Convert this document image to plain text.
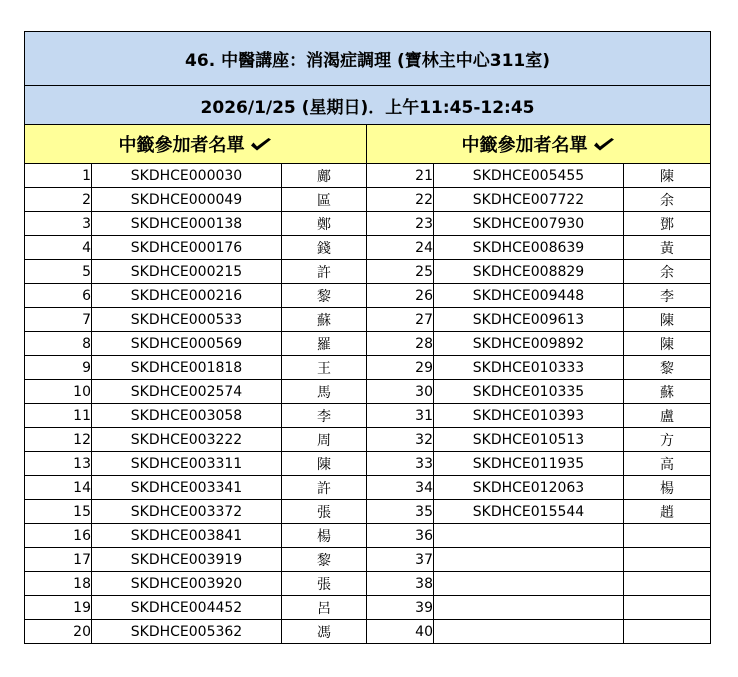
46. 中醫講座：消渴症調理 (寶林主中心311室)					
2026/1/25 (星期日)．上午11:45-12:45					
中籤參加者名單			中籤參加者名單		
1	SKDHCE000030	鄺	21	SKDHCE005455	陳
2	SKDHCE000049	區	22	SKDHCE007722	余
3	SKDHCE000138	鄭	23	SKDHCE007930	鄧
4	SKDHCE000176	錢	24	SKDHCE008639	黃
5	SKDHCE000215	許	25	SKDHCE008829	余
6	SKDHCE000216	黎	26	SKDHCE009448	李
7	SKDHCE000533	蘇	27	SKDHCE009613	陳
8	SKDHCE000569	羅	28	SKDHCE009892	陳
9	SKDHCE001818	王	29	SKDHCE010333	黎
10	SKDHCE002574	馬	30	SKDHCE010335	蘇
11	SKDHCE003058	李	31	SKDHCE010393	盧
12	SKDHCE003222	周	32	SKDHCE010513	方
13	SKDHCE003311	陳	33	SKDHCE011935	高
14	SKDHCE003341	許	34	SKDHCE012063	楊
15	SKDHCE003372	張	35	SKDHCE015544	趙
16	SKDHCE003841	楊	36		
17	SKDHCE003919	黎	37		
18	SKDHCE003920	張	38		
19	SKDHCE004452	呂	39		
20	SKDHCE005362	馮	40		
